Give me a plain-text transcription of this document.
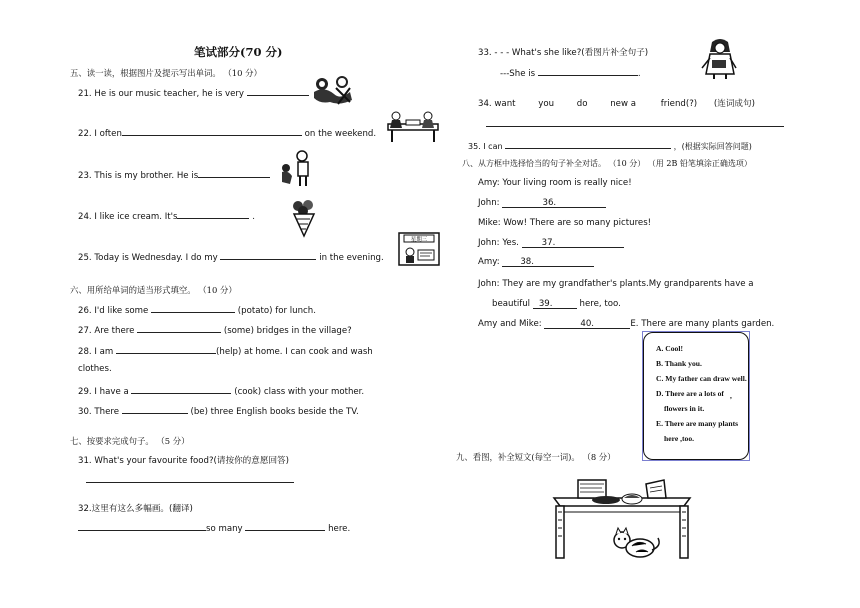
笔试部分(70 分)
五、读一读，根据图片及提示写出单词。 （10 分）
21. He is our music teacher, he is very
22. I often	on the weekend.
23. This is my brother. He is
24. I like ice cream. It's	.
25. Today is Wednesday. I do my	in the evening.
星期三
六、用所给单词的适当形式填空。 （10 分）
26. I'd like some	(potato) for lunch.
27. Are there	(some) bridges in the village?
28. I am	(help) at home. I can cook and wash
clothes.
29. I have a	(cook) class with your mother.
30. There	(be) three English books beside the TV.
七、按要求完成句子。 （5 分）
31. What's your favourite food?(请按你的意愿回答)
32.这里有这么多幅画。(翻译)
so many	here.
33. - - - What's she like?(看图片补全句子)
---She is	.
34. want	you	do	new a	friend(?) (连词成句)
35. I can	，(根据实际回答问题)
八、从方框中选择恰当的句子补全对话。 （10 分） （用 2B 铅笔填涂正确选项）
Amy: Your living room is really nice!
John:	36.
Mike: Wow! There are so many pictures!
John: Yes. 37.
Amy: 38.
John: They are my grandfather's plants.My grandparents have a
beautiful 39.	here, too.
Amy and Mike:	40.	E. There are many plants garden.
A. Cool!
B. Thank you.
C. My father can draw well.
D. There are a lots of ,
flowers in it.
E. There are many plants
here ,too.
九、看图，补全短文(每空一词)。 （8 分）
